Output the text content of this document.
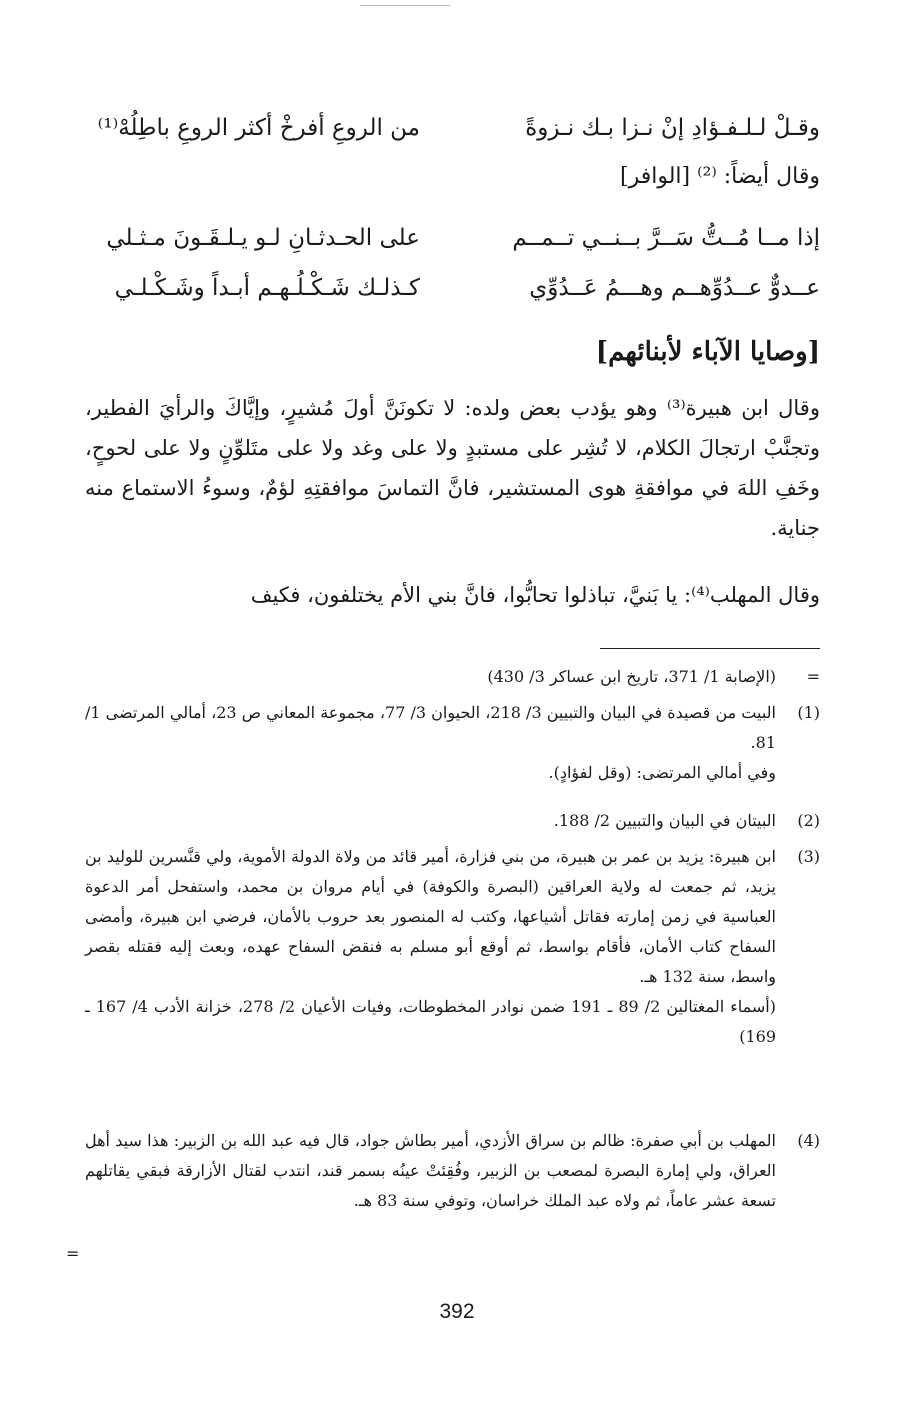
وقـلْ لـلـفـؤادِ إنْ نـزا بـك نـزوةً
من الروعِ أفرخْ أكثر الروعِ باطِلُهْ⁽¹⁾
وقال أيضاً: ⁽²⁾ [الوافر]
إذا مــا مُــتُّ سَــرَّ بــنــي تــمــم
على الحـدثـانِ لـو يـلـقَـونَ مـثـلي
عــدوٌّ عــدُوِّهــم وهـــمُ عَــدُوِّي
كـذلـك شَـكْـلُـهـم أبـداً وشَـكْـلـي
[وصايا الآباء لأبنائهم]
وقال ابن هبيرة⁽³⁾ وهو يؤدب بعض ولده: لا تكونَنَّ أولَ مُشيرٍ، وإيَّاكَ والرأيَ الفطير، وتجنَّبْ ارتجالَ الكلام، لا تُشِر على مستبدٍ ولا على وغد ولا على متَلوِّنٍ ولا على لحوحٍ، وخَفِ اللهَ في موافقةِ هوى المستشير، فانَّ التماسَ موافقتِهِ لؤمٌ، وسوءُ الاستماع منه جناية.
وقال المهلب⁽⁴⁾: يا بَنيَّ، تباذلوا تحابُّوا، فانَّ بني الأم يختلفون، فكيف
=

(الإصابة 1/ 371، تاريخ ابن عساكر 3/ 430)

(1)

البيت من قصيدة في البيان والتبيين 3/ 218، الحيوان 3/ 77، مجموعة المعاني ص 23، أمالي المرتضى 1/ 81.

وفي أمالي المرتضى: (وقل لفؤادٍ).

(2)

البيتان في البيان والتبيين 2/ 188.

(3)

ابن هبيرة: يزيد بن عمر بن هبيرة، من بني فزارة، أمير قائد من ولاة الدولة الأموية، ولي قنَّسرين للوليد بن يزيد، ثم جمعت له ولاية العراقين (البصرة والكوفة) في أيام مروان بن محمد، واستفحل أمر الدعوة العباسية في زمن إمارته فقاتل أشياعها، وكتب له المنصور بعد حروب بالأمان، فرضي ابن هبيرة، وأمضى السفاح كتاب الأمان، فأقام بواسط، ثم أوقع أبو مسلم به فنقض السفاح عهده، وبعث إليه فقتله بقصر واسط، سنة 132 هـ.

(أسماء المغتالين 2/ 89 ـ 191 ضمن نوادر المخطوطات، وفيات الأعيان 2/ 278، خزانة الأدب 4/ 167 ـ 169)

(4)

المهلب بن أبي صفرة: ظالم بن سراق الأزدي، أمير بطاش جواد، قال فيه عبد الله بن الزبير: هذا سيد أهل العراق، ولي إمارة البصرة لمصعب بن الزبير، وفُقِئتْ عينُه بسمر قند، انتدب لقتال الأزارقة فبقي يقاتلهم تسعة عشر عاماً، ثم ولاه عبد الملك خراسان، وتوفي سنة 83 هـ.

=
392
